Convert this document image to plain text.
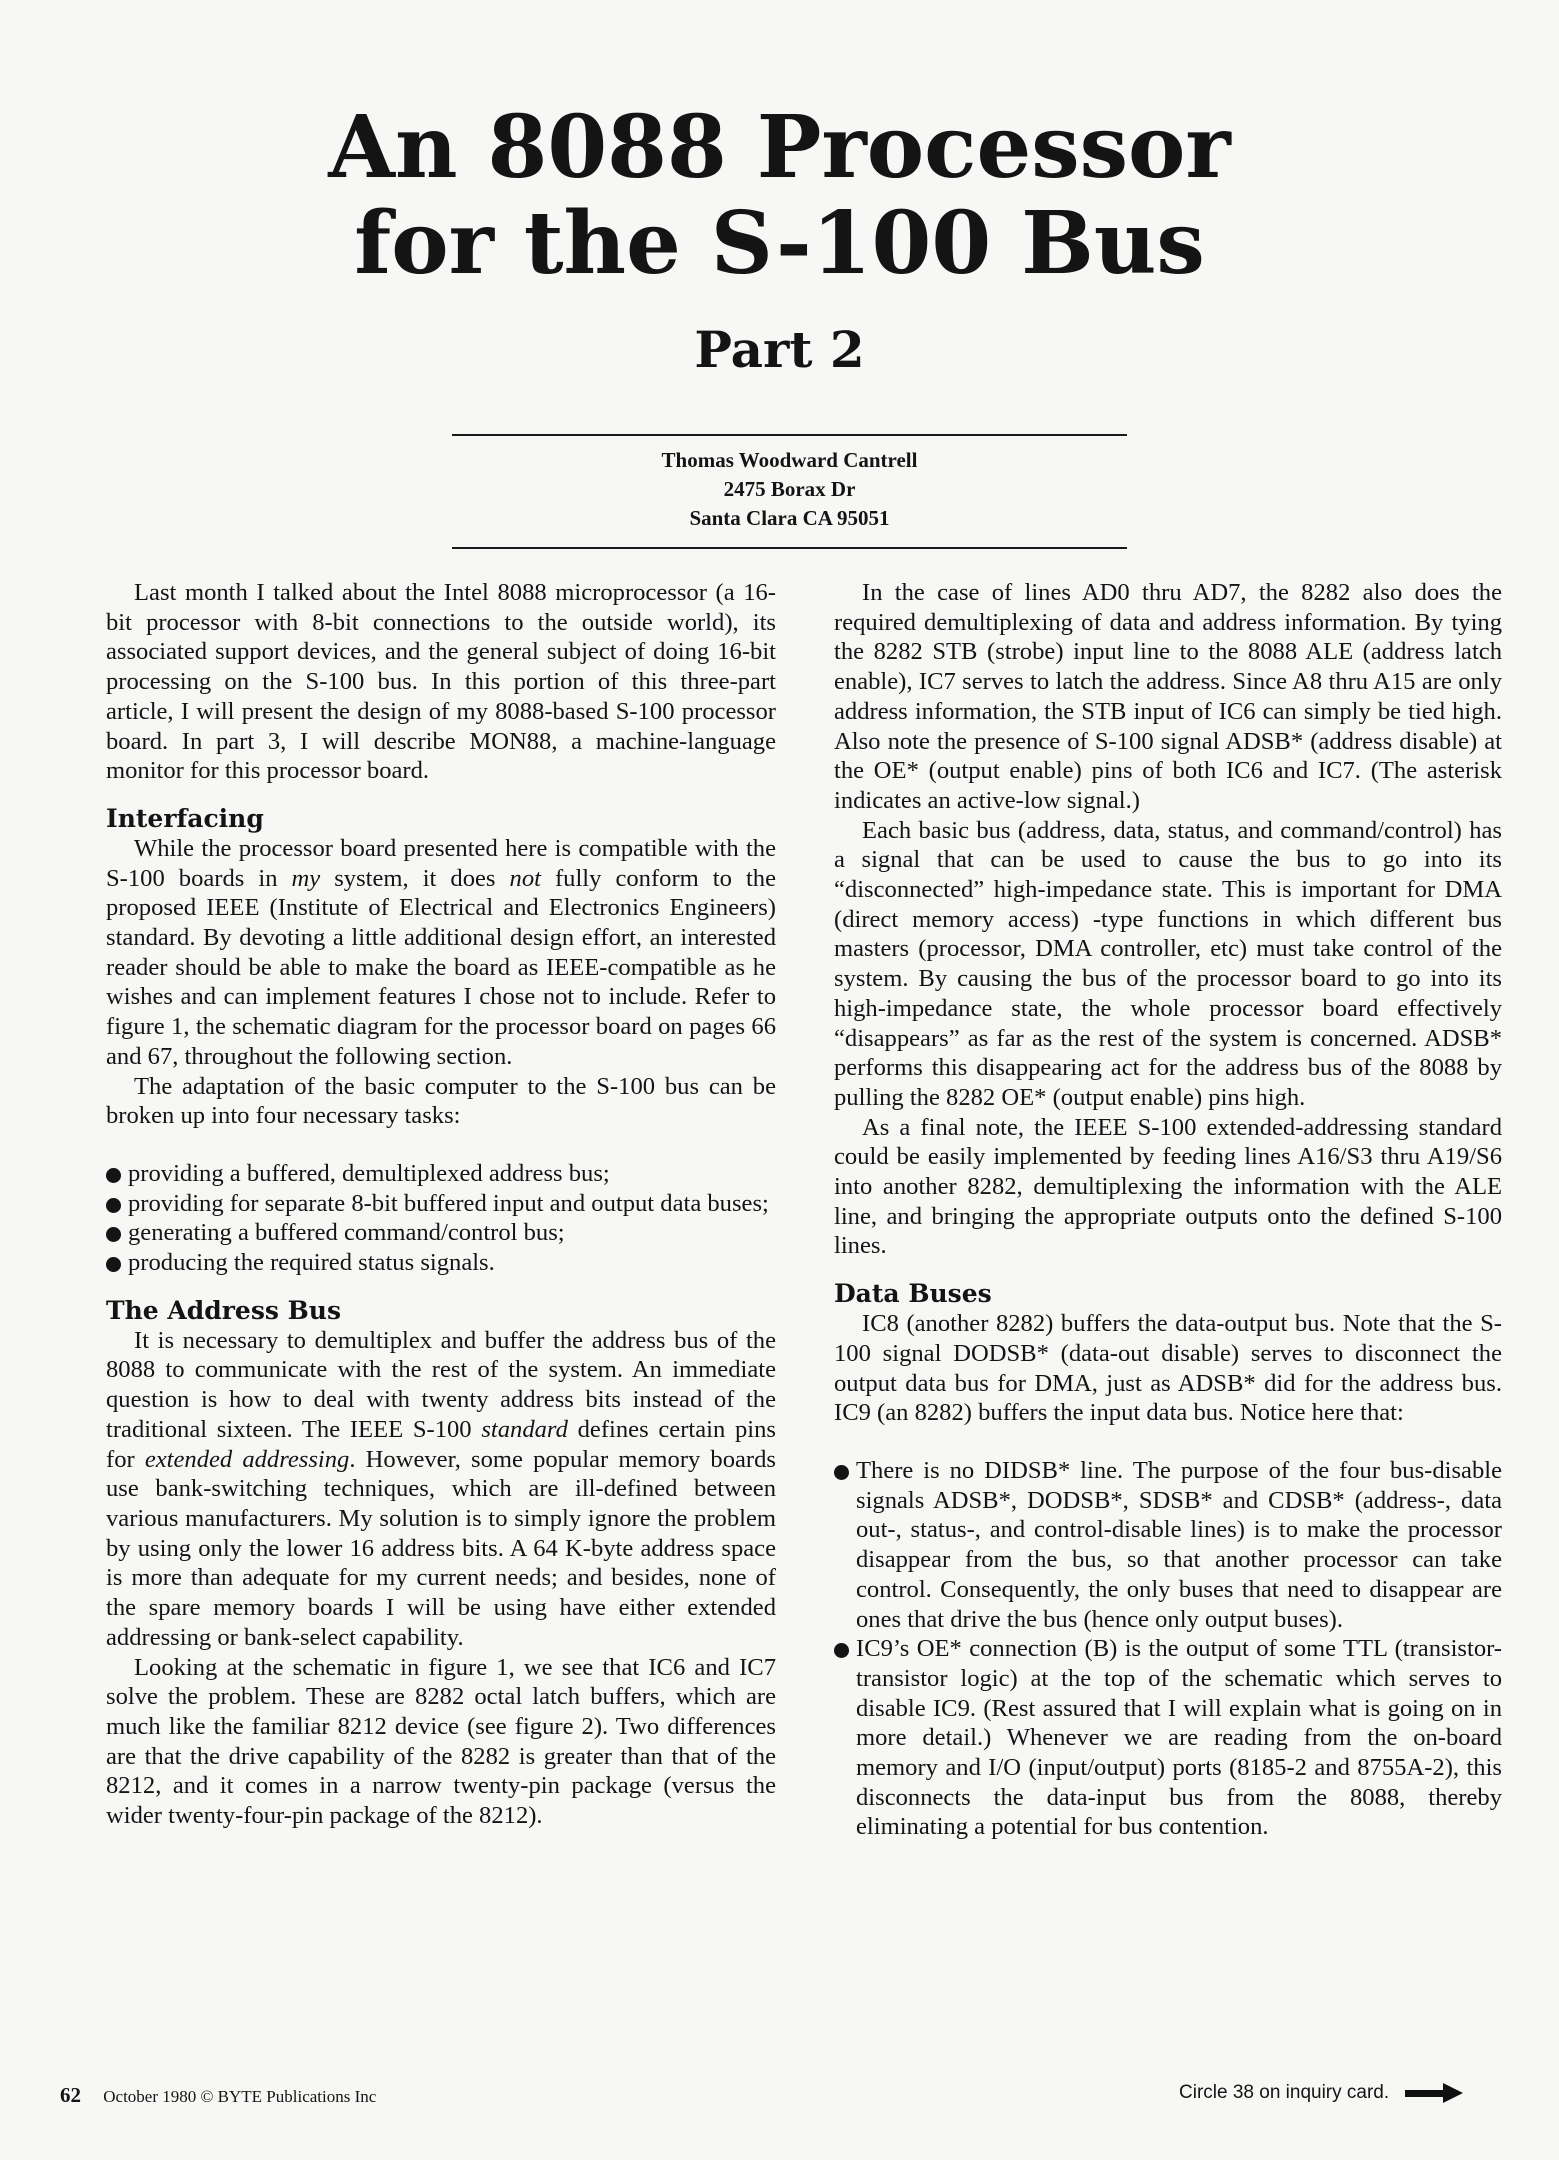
An 8088 Processor
for the S-100 Bus
Part 2
Thomas Woodward Cantrell
2475 Borax Dr
Santa Clara CA 95051

Last month I talked about the Intel 8088 microprocessor (a 16-bit processor with 8-bit connections to the outside world), its associated support devices, and the general subject of doing 16-bit processing on the S-100 bus. In this portion of this three-part article, I will present the design of my 8088-based S-100 processor board. In part 3, I will describe MON88, a machine-language monitor for this processor board.

Interfacing

While the processor board presented here is compatible with the S-100 boards in my system, it does not fully conform to the proposed IEEE (Institute of Electrical and Electronics Engineers) standard. By devoting a little additional design effort, an interested reader should be able to make the board as IEEE-compatible as he wishes and can implement features I chose not to include. Refer to figure 1, the schematic diagram for the processor board on pages 66 and 67, throughout the following section.

The adaptation of the basic computer to the S-100 bus can be broken up into four necessary tasks:

providing a buffered, demultiplexed address bus;
providing for separate 8-bit buffered input and output data buses;
generating a buffered command/control bus;
producing the required status signals.
The Address Bus

It is necessary to demultiplex and buffer the address bus of the 8088 to communicate with the rest of the system. An immediate question is how to deal with twenty address bits instead of the traditional sixteen. The IEEE S-100 standard defines certain pins for extended addressing. However, some popular memory boards use bank-switching techniques, which are ill-defined between various manufacturers. My solution is to simply ignore the problem by using only the lower 16 address bits. A 64 K-byte address space is more than adequate for my current needs; and besides, none of the spare memory boards I will be using have either extended addressing or bank-select capability.

Looking at the schematic in figure 1, we see that IC6 and IC7 solve the problem. These are 8282 octal latch buffers, which are much like the familiar 8212 device (see figure 2). Two differences are that the drive capability of the 8282 is greater than that of the 8212, and it comes in a narrow twenty-pin package (versus the wider twenty-four-pin package of the 8212).

In the case of lines AD0 thru AD7, the 8282 also does the required demultiplexing of data and address information. By tying the 8282 STB (strobe) input line to the 8088 ALE (address latch enable), IC7 serves to latch the address. Since A8 thru A15 are only address information, the STB input of IC6 can simply be tied high. Also note the presence of S-100 signal ADSB* (address disable) at the OE* (output enable) pins of both IC6 and IC7. (The asterisk indicates an active-low signal.)

Each basic bus (address, data, status, and command/control) has a signal that can be used to cause the bus to go into its “disconnected” high-impedance state. This is important for DMA (direct memory access) -type functions in which different bus masters (processor, DMA controller, etc) must take control of the system. By causing the bus of the processor board to go into its high-impedance state, the whole processor board effectively “disappears” as far as the rest of the system is concerned. ADSB* performs this disappearing act for the address bus of the 8088 by pulling the 8282 OE* (output enable) pins high.

As a final note, the IEEE S-100 extended-addressing standard could be easily implemented by feeding lines A16/S3 thru A19/S6 into another 8282, demultiplexing the information with the ALE line, and bringing the appropriate outputs onto the defined S-100 lines.

Data Buses

IC8 (another 8282) buffers the data-output bus. Note that the S-100 signal DODSB* (data-out disable) serves to disconnect the output data bus for DMA, just as ADSB* did for the address bus. IC9 (an 8282) buffers the input data bus. Notice here that:

There is no DIDSB* line. The purpose of the four bus-disable signals ADSB*, DODSB*, SDSB* and CDSB* (address-, data out-, status-, and control-disable lines) is to make the processor disappear from the bus, so that another processor can take control. Consequently, the only buses that need to disappear are ones that drive the bus (hence only output buses).
IC9’s OE* connection (B) is the output of some TTL (transistor-transistor logic) at the top of the schematic which serves to disable IC9. (Rest assured that I will explain what is going on in more detail.) Whenever we are reading from the on-board memory and I/O (input/output) ports (8185-2 and 8755A-2), this disconnects the data-input bus from the 8088, thereby eliminating a potential for bus contention.
62 October 1980 © BYTE Publications Inc	Circle 38 on inquiry card.
